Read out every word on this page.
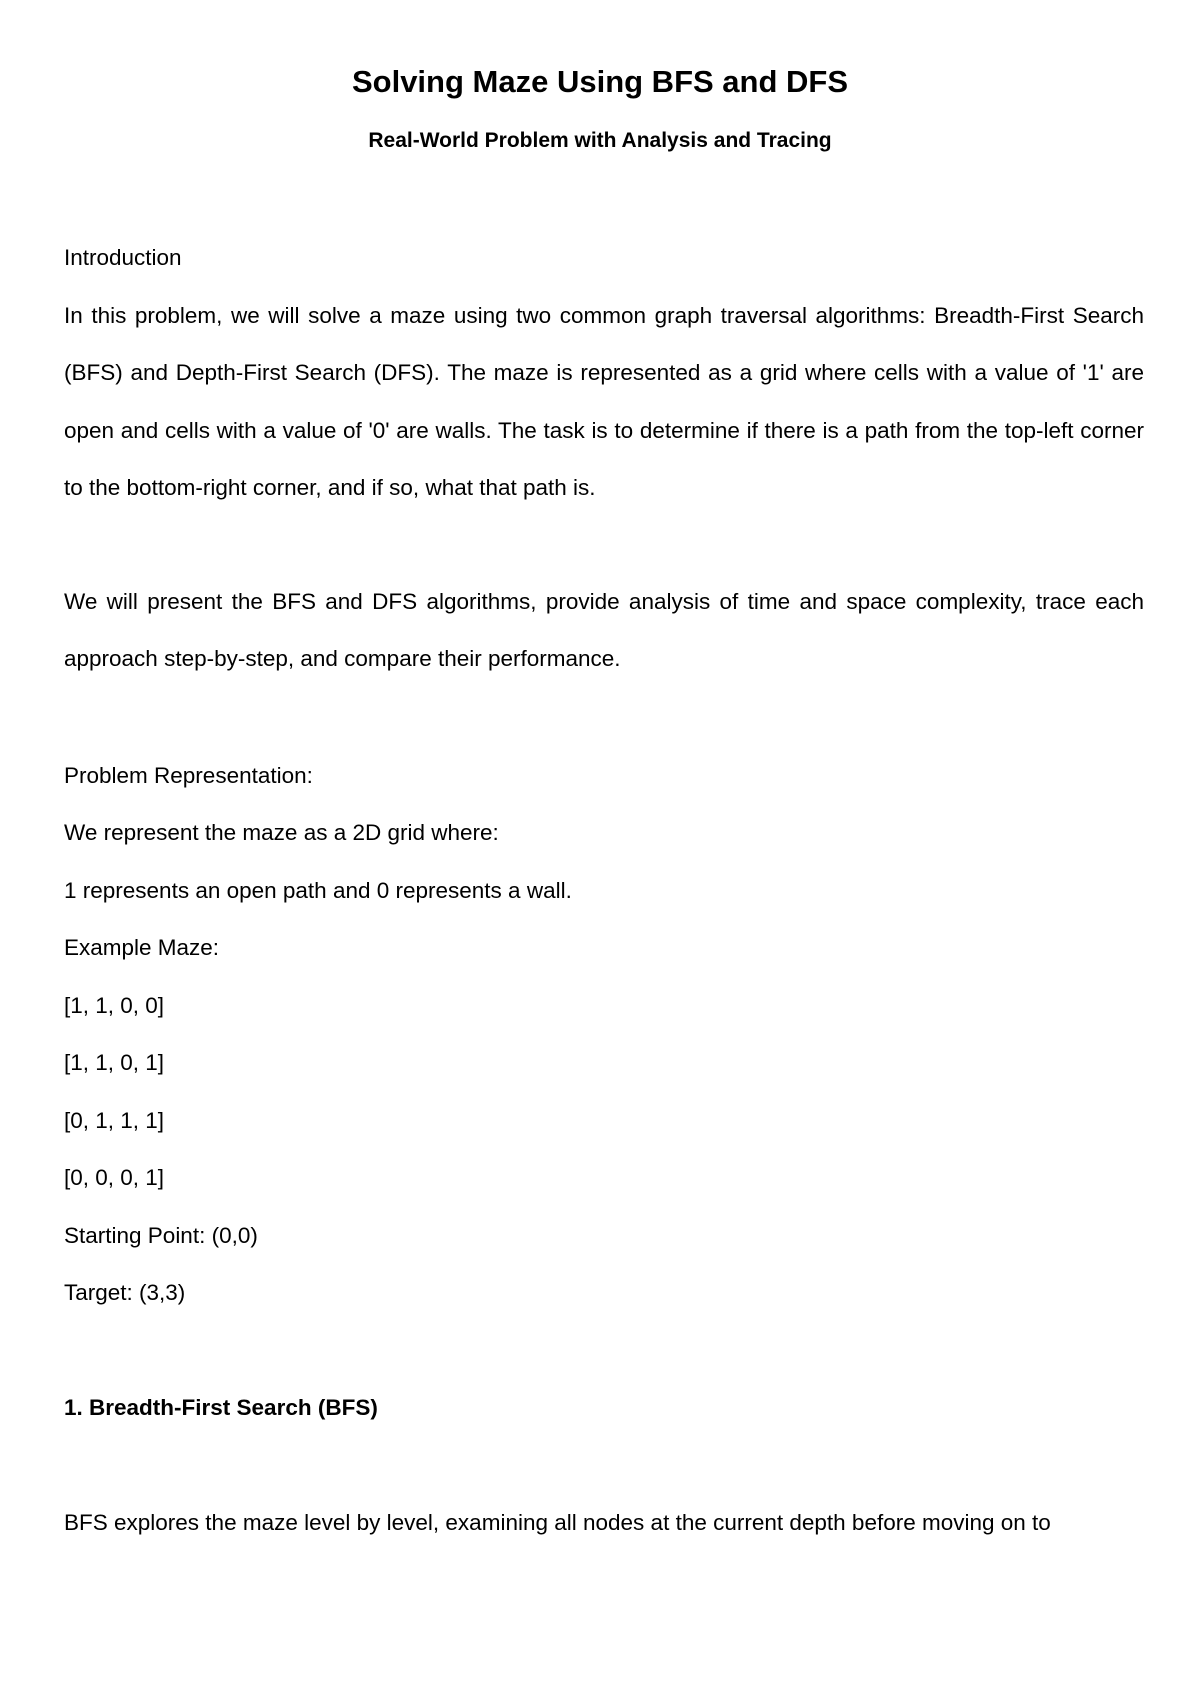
Solving Maze Using BFS and DFS
Real-World Problem with Analysis and Tracing

Introduction

In this problem, we will solve a maze using two common graph traversal algorithms: Breadth-First Search (BFS) and Depth-First Search (DFS). The maze is represented as a grid where cells with a value of '1' are open and cells with a value of '0' are walls. The task is to determine if there is a path from the top-left corner to the bottom-right corner, and if so, what that path is.

We will present the BFS and DFS algorithms, provide analysis of time and space complexity, trace each approach step-by-step, and compare their performance.

Problem Representation:

We represent the maze as a 2D grid where:

1 represents an open path and 0 represents a wall.

Example Maze:

[1, 1, 0, 0]

[1, 1, 0, 1]

[0, 1, 1, 1]

[0, 0, 0, 1]

Starting Point: (0,0)

Target: (3,3)

1. Breadth-First Search (BFS)

BFS explores the maze level by level, examining all nodes at the current depth before moving on to
